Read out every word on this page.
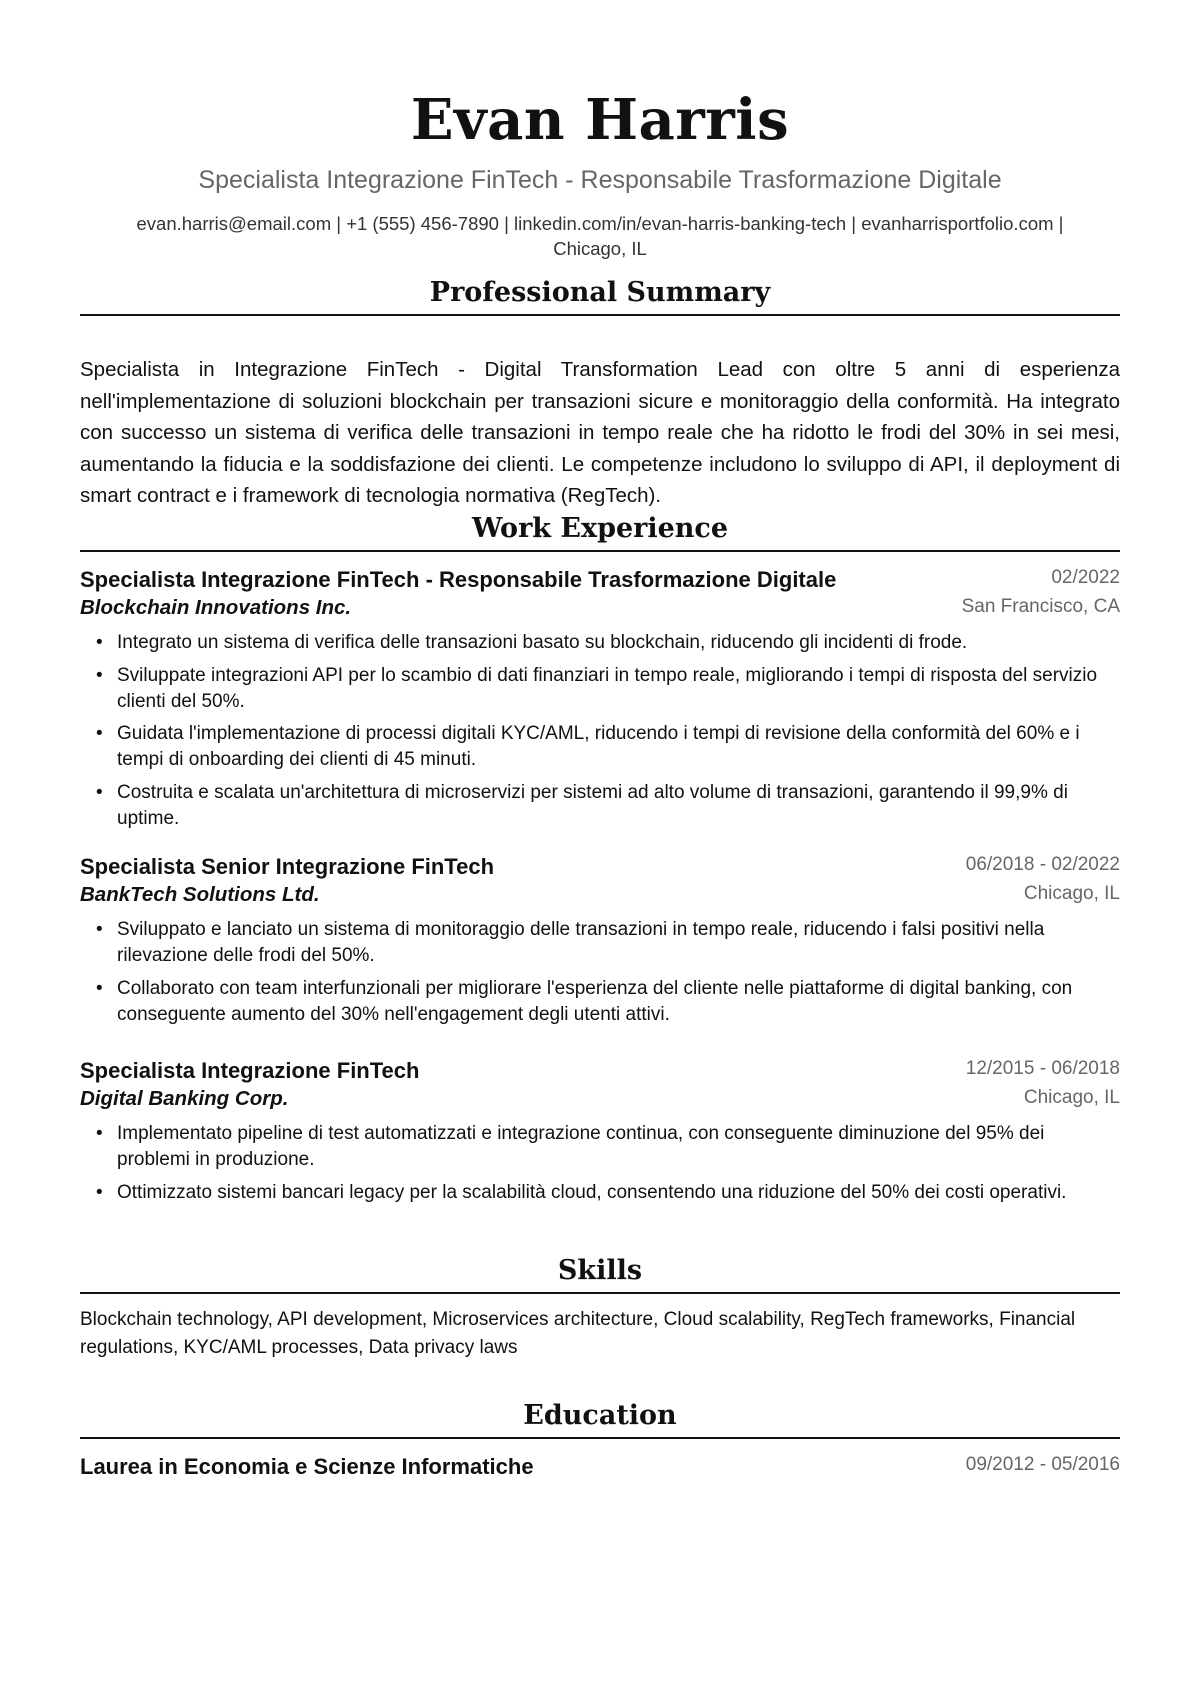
Evan Harris
Specialista Integrazione FinTech - Responsabile Trasformazione Digitale
evan.harris@email.com | +1 (555) 456-7890 | linkedin.com/in/evan-harris-banking-tech | evanharrisportfolio.com |
Chicago, IL
Professional Summary
Specialista in Integrazione FinTech - Digital Transformation Lead con oltre 5 anni di esperienza nell'implementazione di soluzioni blockchain per transazioni sicure e monitoraggio della conformità. Ha integrato con successo un sistema di verifica delle transazioni in tempo reale che ha ridotto le frodi del 30% in sei mesi, aumentando la fiducia e la soddisfazione dei clienti. Le competenze includono lo sviluppo di API, il deployment di smart contract e i framework di tecnologia normativa (RegTech).
Work Experience
Specialista Integrazione FinTech - Responsabile Trasformazione Digitale	02/2022
Blockchain Innovations Inc.	San Francisco, CA
• Integrato un sistema di verifica delle transazioni basato su blockchain, riducendo gli incidenti di frode.
• Sviluppate integrazioni API per lo scambio di dati finanziari in tempo reale, migliorando i tempi di risposta del servizio clienti del 50%.
• Guidata l'implementazione di processi digitali KYC/AML, riducendo i tempi di revisione della conformità del 60% e i tempi di onboarding dei clienti di 45 minuti.
• Costruita e scalata un'architettura di microservizi per sistemi ad alto volume di transazioni, garantendo il 99,9% di uptime.
Specialista Senior Integrazione FinTech	06/2018 - 02/2022
BankTech Solutions Ltd.	Chicago, IL
• Sviluppato e lanciato un sistema di monitoraggio delle transazioni in tempo reale, riducendo i falsi positivi nella rilevazione delle frodi del 50%.
• Collaborato con team interfunzionali per migliorare l'esperienza del cliente nelle piattaforme di digital banking, con conseguente aumento del 30% nell'engagement degli utenti attivi.
Specialista Integrazione FinTech	12/2015 - 06/2018
Digital Banking Corp.	Chicago, IL
• Implementato pipeline di test automatizzati e integrazione continua, con conseguente diminuzione del 95% dei problemi in produzione.
• Ottimizzato sistemi bancari legacy per la scalabilità cloud, consentendo una riduzione del 50% dei costi operativi.
Skills
Blockchain technology, API development, Microservices architecture, Cloud scalability, RegTech frameworks, Financial regulations, KYC/AML processes, Data privacy laws
Education
Laurea in Economia e Scienze Informatiche	09/2012 - 05/2016
